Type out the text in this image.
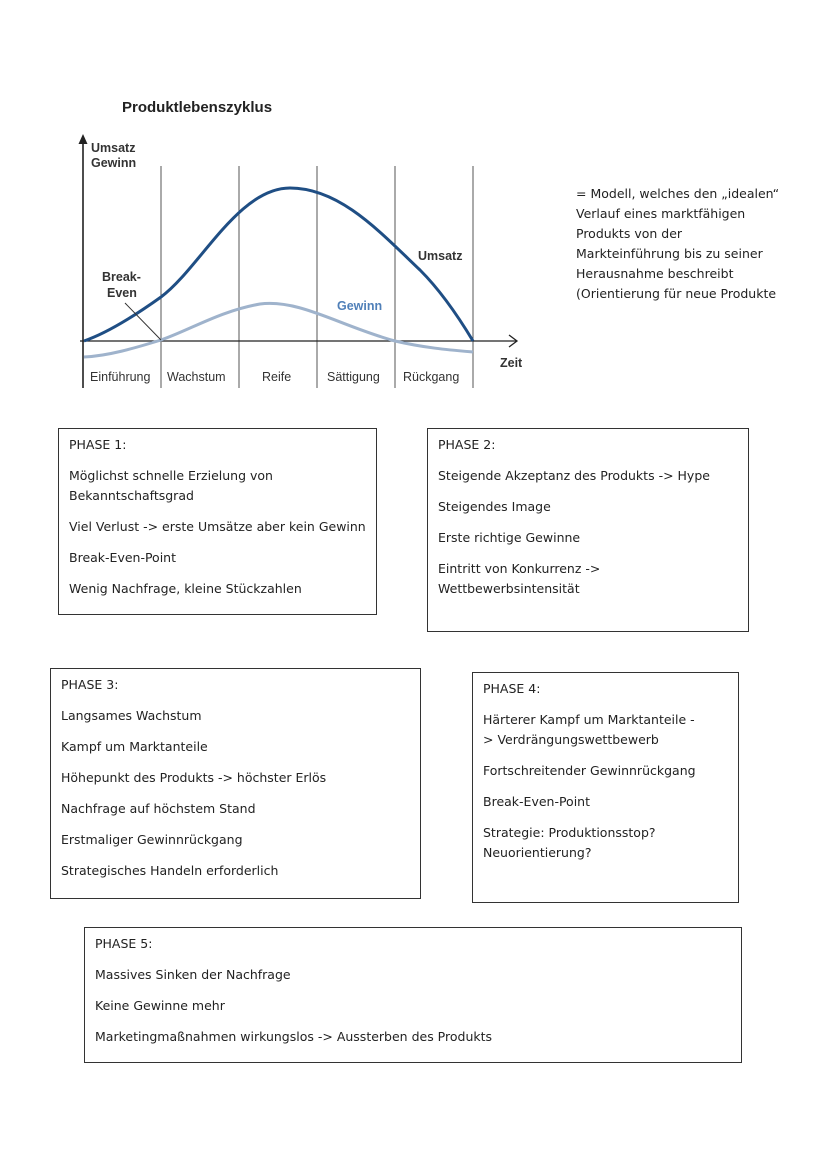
Produktlebenszyklus
Umsatz
Gewinn
Zeit
Break-
Even
Umsatz
Gewinn
Einführung Wachstum	Reife	Sättigung Rückgang
= Modell, welches den „idealen“
Verlauf eines marktfähigen
Produkts von der
Markteinführung bis zu seiner
Herausnahme beschreibt
(Orientierung für neue Produkte
PHASE 1:
Möglichst schnelle Erzielung von Bekanntschaftsgrad
Viel Verlust -> erste Umsätze aber kein Gewinn
Break-Even-Point
Wenig Nachfrage, kleine Stückzahlen
PHASE 2:
Steigende Akzeptanz des Produkts -> Hype
Steigendes Image
Erste richtige Gewinne
Eintritt von Konkurrenz -> Wettbewerbsintensität
PHASE 3:
Langsames Wachstum
Kampf um Marktanteile
Höhepunkt des Produkts -> höchster Erlös
Nachfrage auf höchstem Stand
Erstmaliger Gewinnrückgang
Strategisches Handeln erforderlich
PHASE 4:
Härterer Kampf um Marktanteile -> Verdrängungswettbewerb
Fortschreitender Gewinnrückgang
Break-Even-Point
Strategie: Produktionsstop? Neuorientierung?
PHASE 5:
Massives Sinken der Nachfrage
Keine Gewinne mehr
Marketingmaßnahmen wirkungslos -> Aussterben des Produkts
